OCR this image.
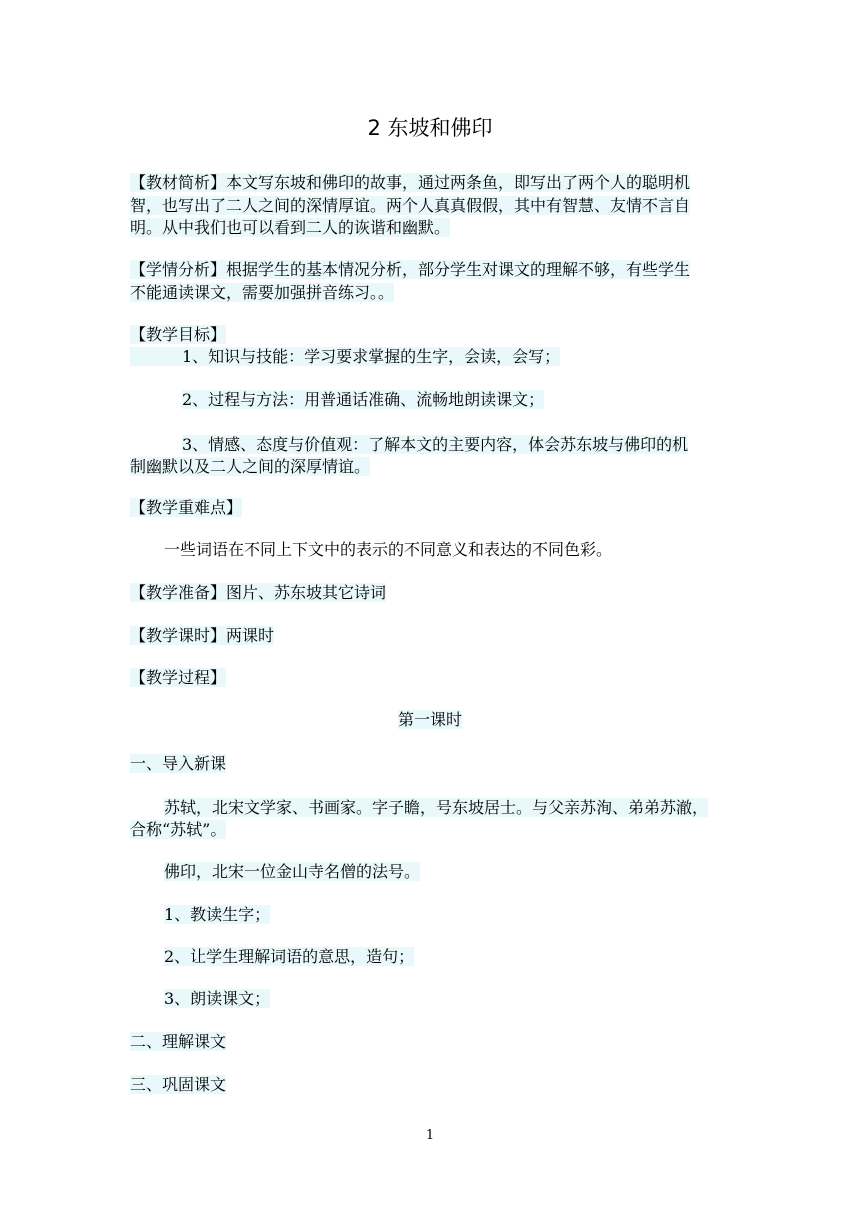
2 东坡和佛印
【教材简析】本文写东坡和佛印的故事，通过两条鱼，即写出了两个人的聪明机
智，也写出了二人之间的深情厚谊。两个人真真假假，其中有智慧、友情不言自
明。从中我们也可以看到二人的诙谐和幽默。
【学情分析】根据学生的基本情况分析，部分学生对课文的理解不够，有些学生
不能通读课文，需要加强拼音练习。。
【教学目标】
1、知识与技能：学习要求掌握的生字，会读，会写；
2、过程与方法：用普通话准确、流畅地朗读课文；
3、情感、态度与价值观：了解本文的主要内容，体会苏东坡与佛印的机
制幽默以及二人之间的深厚情谊。
【教学重难点】
一些词语在不同上下文中的表示的不同意义和表达的不同色彩。
【教学准备】图片、苏东坡其它诗词
【教学课时】两课时
【教学过程】
第一课时
一、导入新课
苏轼，北宋文学家、书画家。字子瞻，号东坡居士。与父亲苏洵、弟弟苏澈，
合称“苏轼”。
佛印，北宋一位金山寺名僧的法号。
1、教读生字；
2、让学生理解词语的意思，造句；
3、朗读课文；
二、理解课文
三、巩固课文
1
